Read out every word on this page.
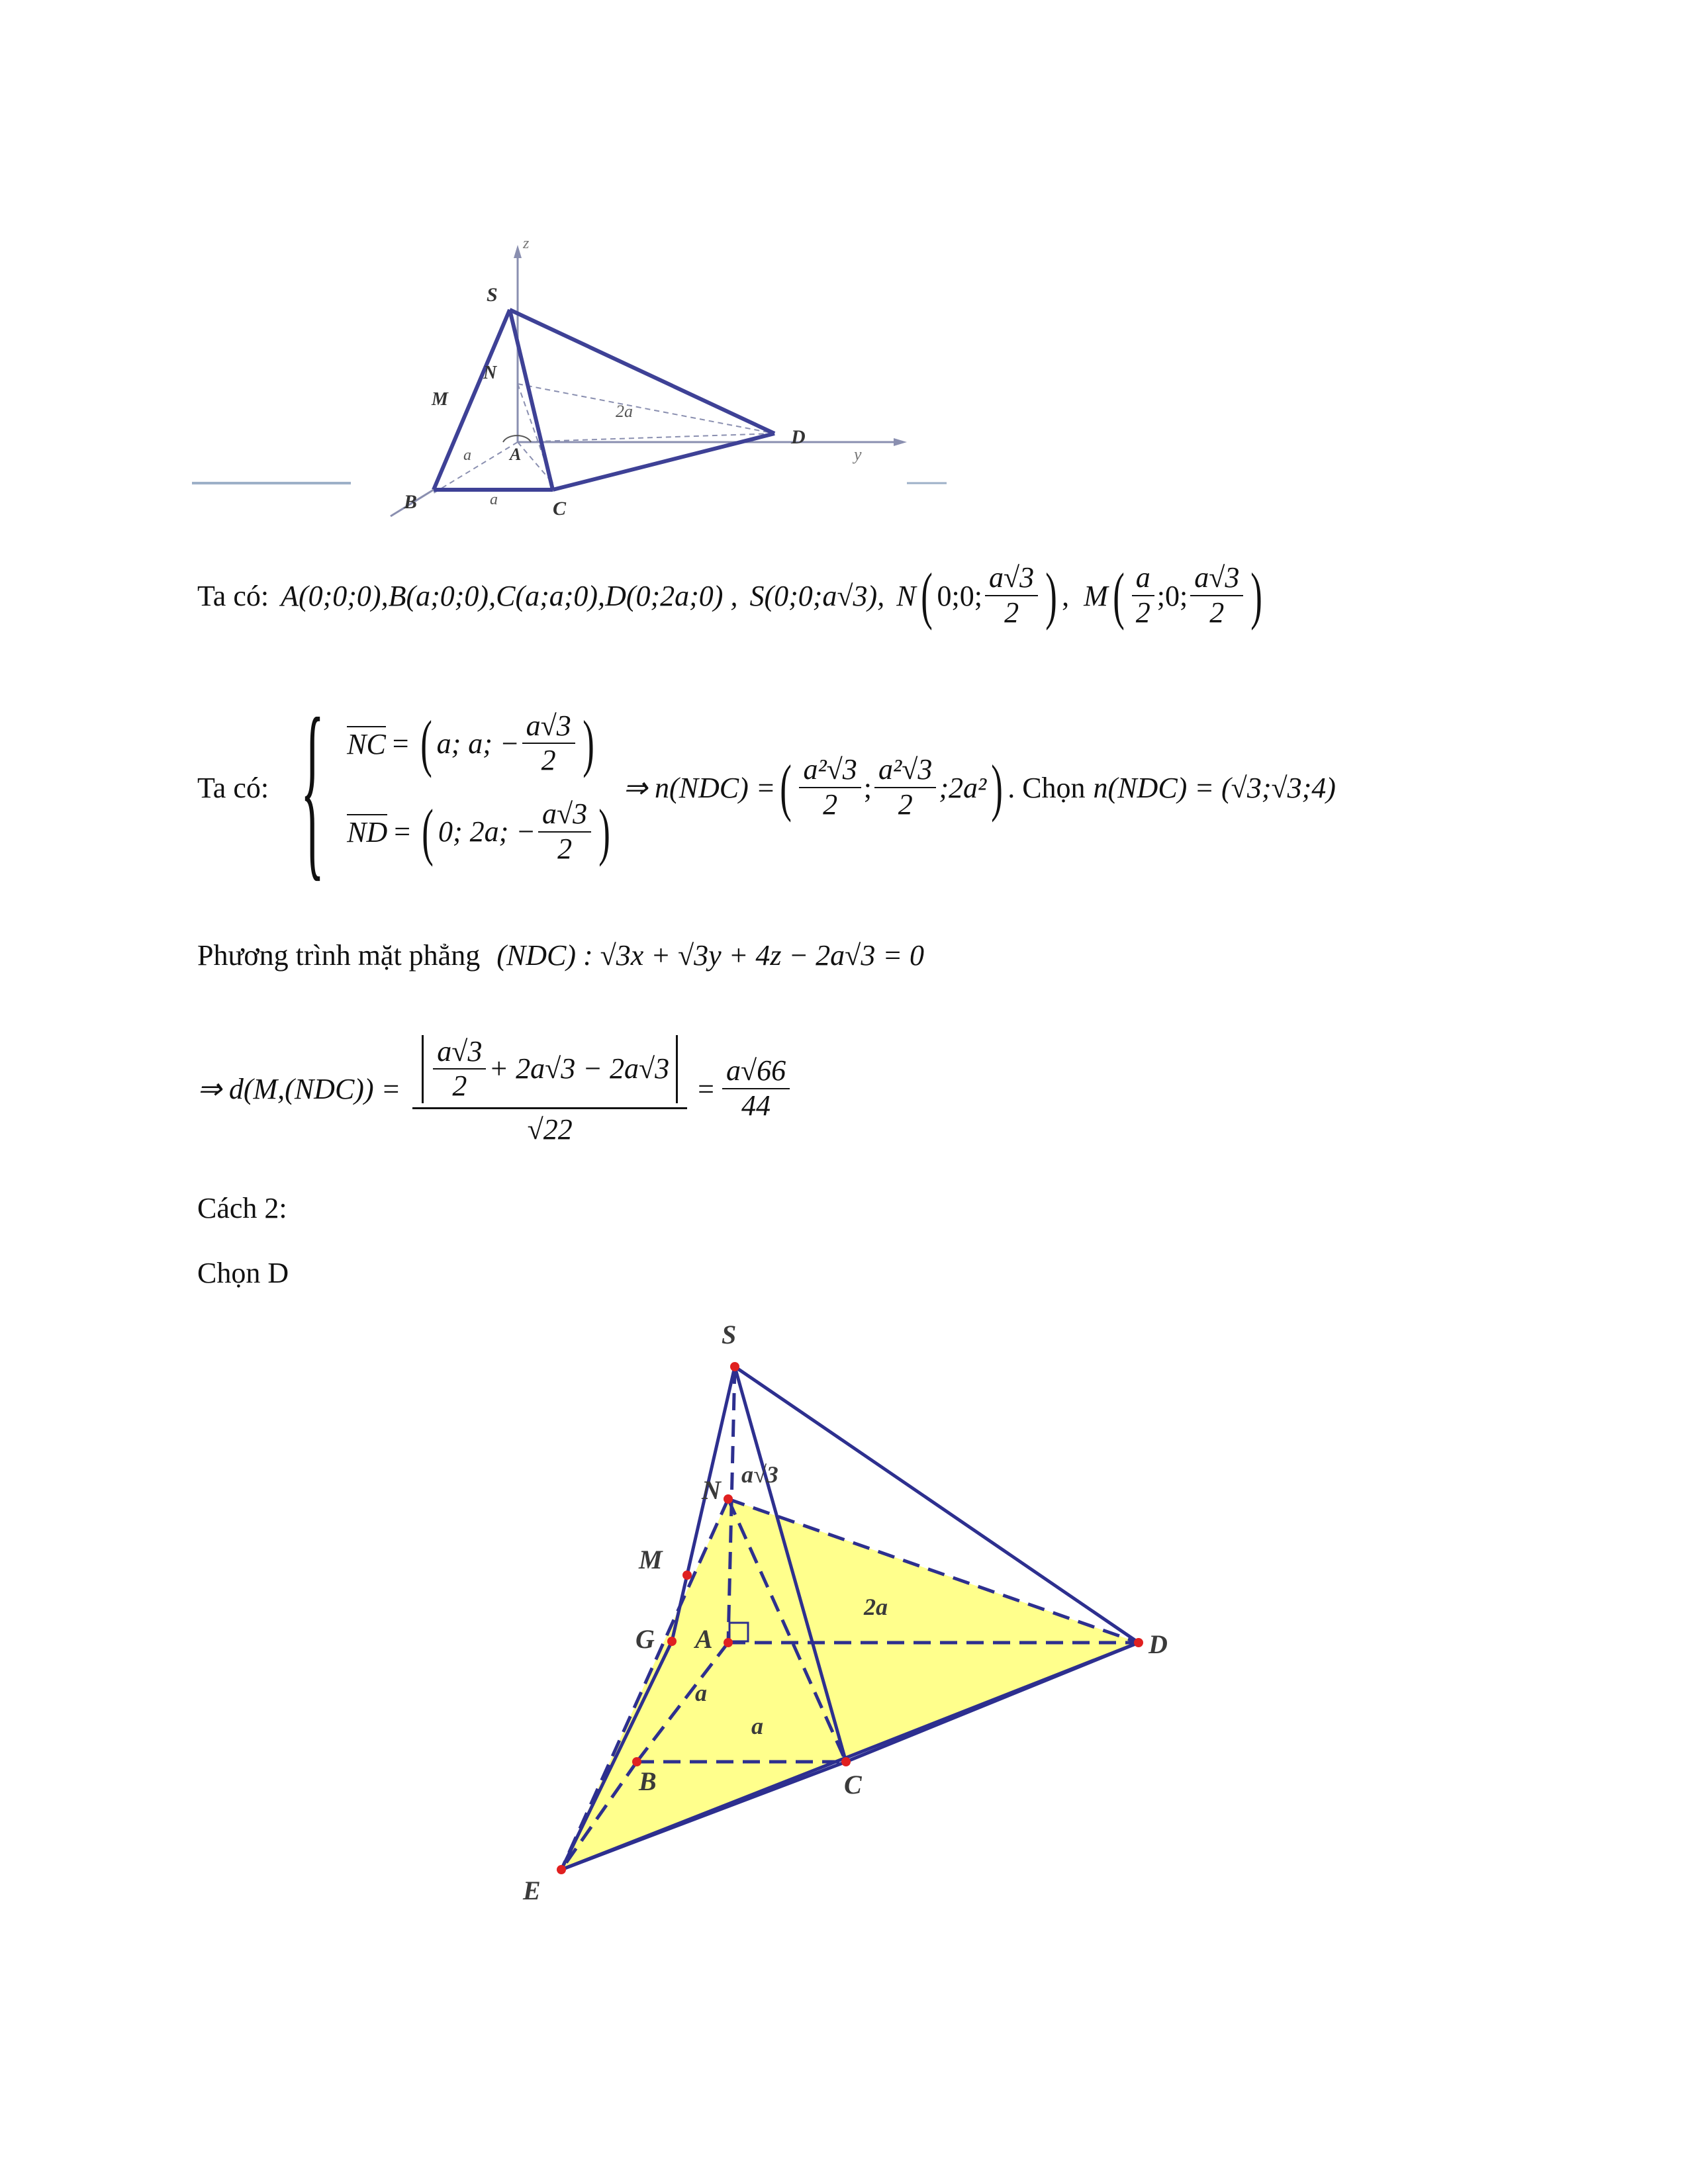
S
z
N
M
A
B	C
D
y
a
a
2a
Ta có: A(0;0;0), B(a;0;0), C(a;a;0), D(0;2a;0) , S(0;0;a√3), N ( 0;0; $\frac{a√3}{2}$ ) , M ( $\frac{a}{2}$ ;0; $\frac{a√3}{2}$ )
Ta có: { NC = ( a; a; − $\frac{a√3}{2}$ )
ND = ( 0; 2a; − $\frac{a√3}{2}$ )
⇒ n(NDC) = ( $\frac{\text{a²√3}}{2}$ ; $\frac{\text{a²√3}}{2}$ ;2a² ) . Chọn n(NDC) = (√3;√3;4)
Phương trình mặt phẳng (NDC) : √3x + √3y + 4z − 2a√3 = 0
⇒ $d(M,(NDC)) = \frac{\frac{a√3}{2} + 2a√3 - 2a√3}{√22} = \frac{a√66}{44}$
Cách 2:
Chọn D
S
N
a√3
M
G A
2a
a
a
B	C
D
E
